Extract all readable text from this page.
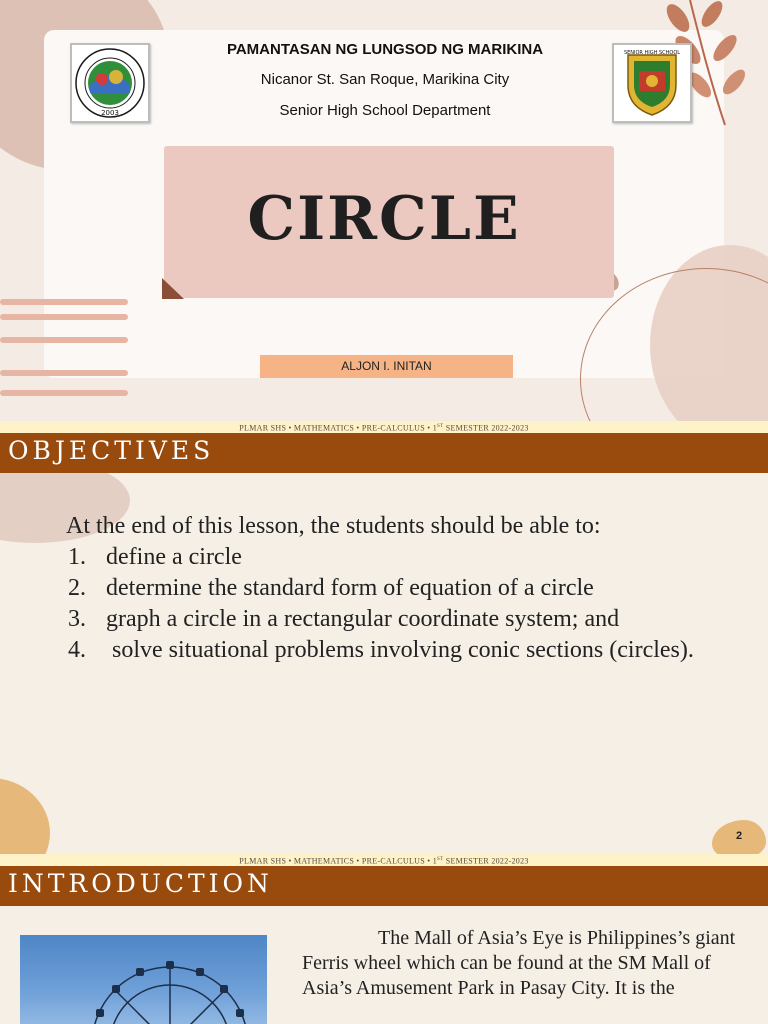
2003
SENIOR HIGH SCHOOL
PAMANTASAN NG LUNGSOD NG MARIKINA
Nicanor St. San Roque, Marikina City
Senior High School Department
CIRCLE
ALJON I. INITAN
PLMAR SHS • MATHEMATICS • PRE-CALCULUS • 1ST SEMESTER 2022-2023
OBJECTIVES
At the end of this lesson, the students should be able to:
1. define a circle
2. determine the standard form of equation of a circle
3. graph a circle in a rectangular coordinate system; and
4. solve situational problems involving conic sections (circles).
2
PLMAR SHS • MATHEMATICS • PRE-CALCULUS • 1ST SEMESTER 2022-2023
INTRODUCTION
The Mall of Asia’s Eye is Philippines’s giant Ferris wheel which can be found at the SM Mall of Asia’s Amusement Park in Pasay City. It is the
